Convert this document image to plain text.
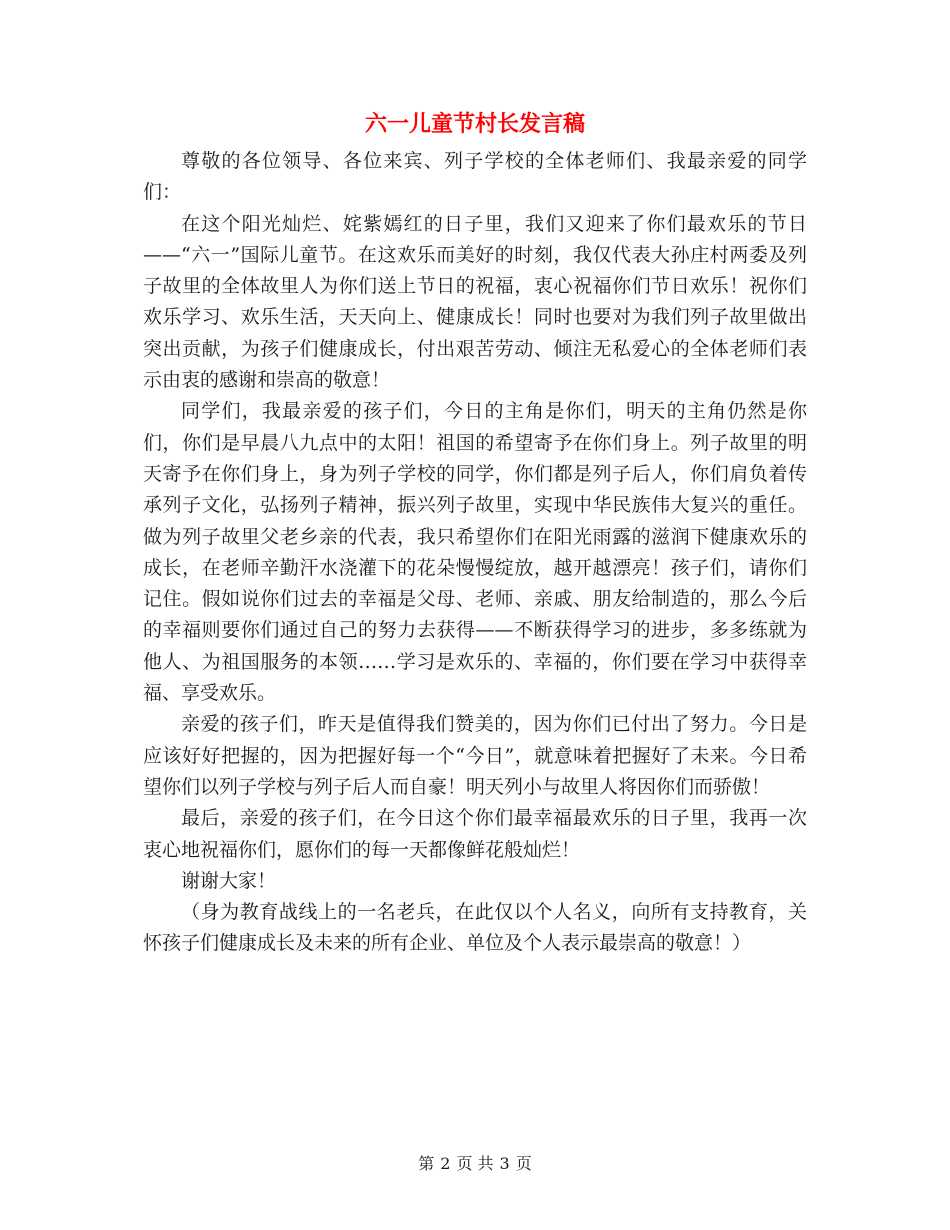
六一儿童节村长发言稿

尊敬的各位领导、各位来宾、列子学校的全体老师们、我最亲爱的同学们：

在这个阳光灿烂、姹紫嫣红的日子里，我们又迎来了你们最欢乐的节日——“六一”国际儿童节。在这欢乐而美好的时刻，我仅代表大孙庄村两委及列子故里的全体故里人为你们送上节日的祝福，衷心祝福你们节日欢乐！祝你们欢乐学习、欢乐生活，天天向上、健康成长！同时也要对为我们列子故里做出突出贡献，为孩子们健康成长，付出艰苦劳动、倾注无私爱心的全体老师们表示由衷的感谢和崇高的敬意！

同学们，我最亲爱的孩子们，今日的主角是你们，明天的主角仍然是你们，你们是早晨八九点中的太阳！祖国的希望寄予在你们身上。列子故里的明天寄予在你们身上，身为列子学校的同学，你们都是列子后人，你们肩负着传承列子文化，弘扬列子精神，振兴列子故里，实现中华民族伟大复兴的重任。做为列子故里父老乡亲的代表，我只希望你们在阳光雨露的滋润下健康欢乐的成长，在老师辛勤汗水浇灌下的花朵慢慢绽放，越开越漂亮！孩子们，请你们记住。假如说你们过去的幸福是父母、老师、亲戚、朋友给制造的，那么今后的幸福则要你们通过自己的努力去获得——不断获得学习的进步，多多练就为他人、为祖国服务的本领……学习是欢乐的、幸福的，你们要在学习中获得幸福、享受欢乐。

亲爱的孩子们，昨天是值得我们赞美的，因为你们已付出了努力。今日是应该好好把握的，因为把握好每一个“今日”，就意味着把握好了未来。今日希望你们以列子学校与列子后人而自豪！明天列小与故里人将因你们而骄傲！

最后，亲爱的孩子们，在今日这个你们最幸福最欢乐的日子里，我再一次衷心地祝福你们，愿你们的每一天都像鲜花般灿烂！

谢谢大家！

（身为教育战线上的一名老兵，在此仅以个人名义，向所有支持教育，关怀孩子们健康成长及未来的所有企业、单位及个人表示最崇高的敬意！）

第 2 页 共 3 页
